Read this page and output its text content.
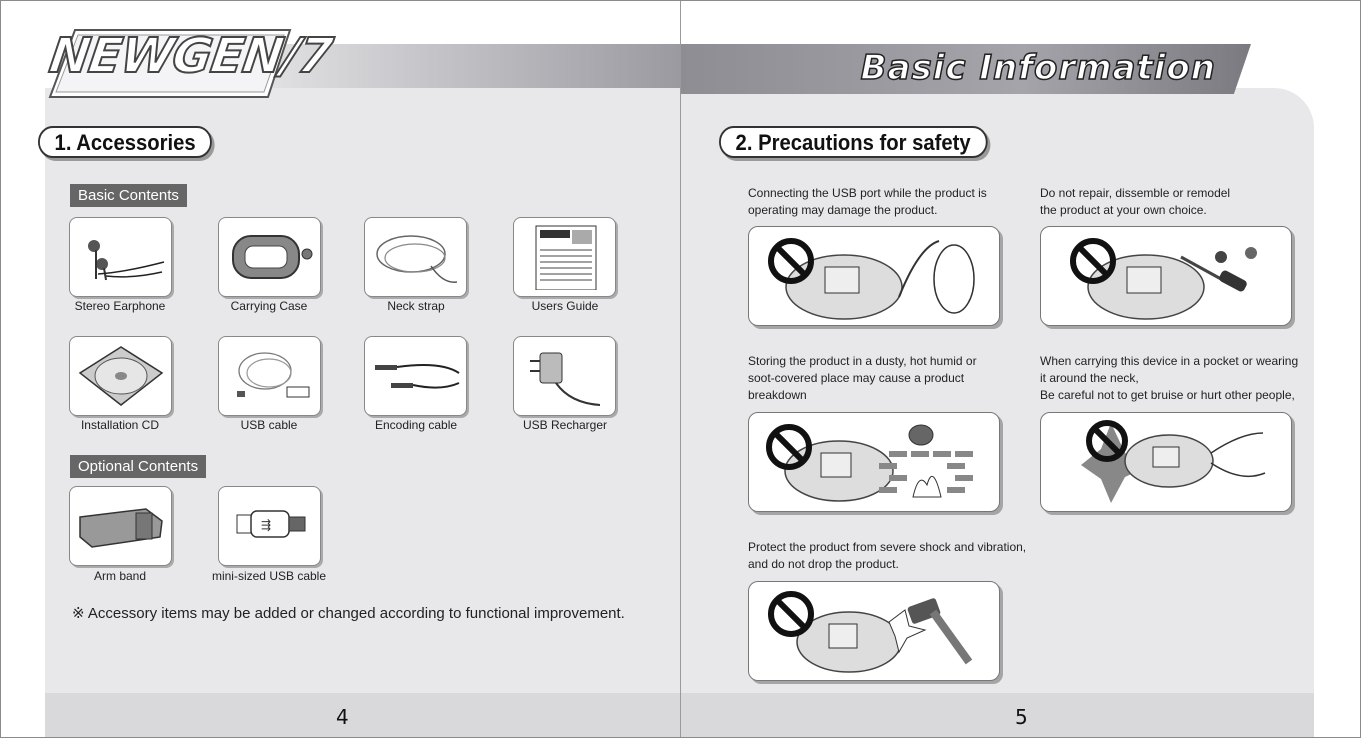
NEWGEN/7
1. Accessories
Basic Contents
Stereo Earphone	Carrying Case	Neck strap	Users Guide
Installation CD	USB cable	Encoding cable	USB Recharger
Optional Contents
Arm band
⇶
mini-sized USB cable
※ Accessory items may be added or changed according to functional improvement.
4
Basic Information
2. Precautions for safety
Connecting the USB port while the product is
operating may damage the product.
Do not repair, dissemble or remodel
the product at your own choice.
Storing the product in a dusty, hot humid or
soot-covered place may cause a product
breakdown
When carrying this device in a pocket or wearing
it around the neck,
Be careful not to get bruise or hurt other people,
Protect the product from severe shock and vibration,
and do not drop the product.
5
